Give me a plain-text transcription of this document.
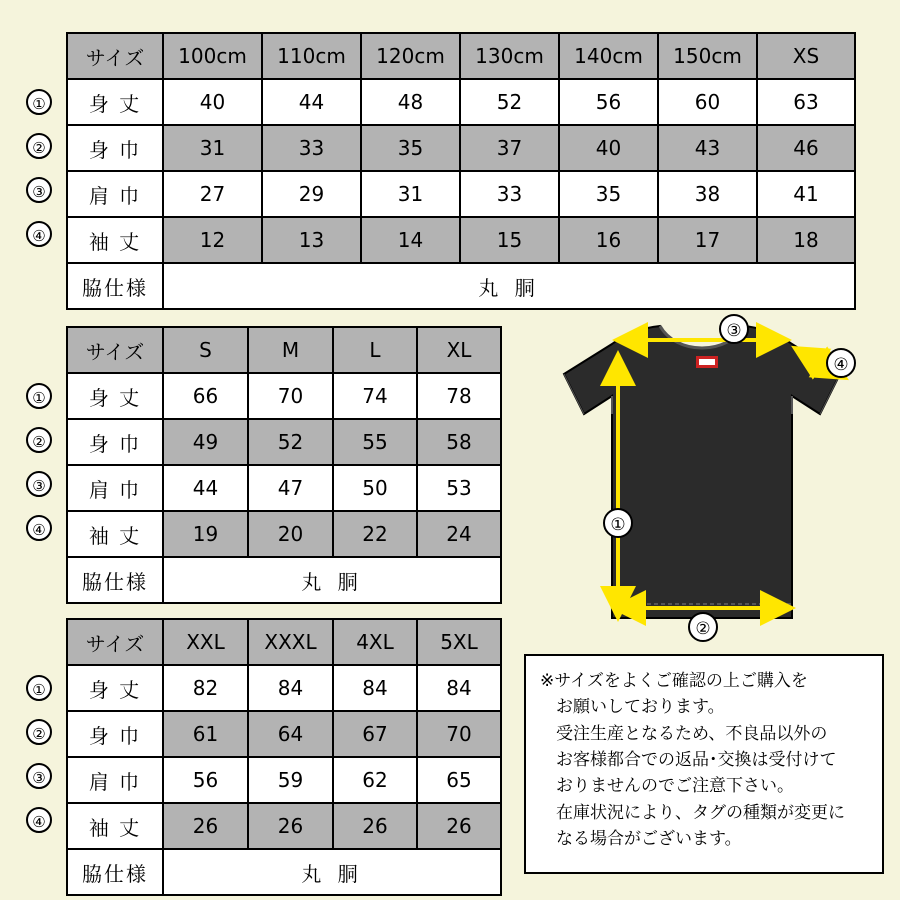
①
②
③
④
サイズ	100cm	110cm	120cm	130cm	140cm	150cm	XS
身 丈	40	44	48	52	56	60	63
身 巾	31	33	35	37	40	43	46
肩 巾	27	29	31	33	35	38	41
袖 丈	12	13	14	15	16	17	18
脇仕様	丸 胴						
①
②
③
④
サイズ	S	M	L	XL
身 丈	66	70	74	78
身 巾	49	52	55	58
肩 巾	44	47	50	53
袖 丈	19	20	22	24
脇仕様	丸 胴			
①
②
③
④
サイズ	XXL	XXXL	4XL	5XL
身 丈	82	84	84	84
身 巾	61	64	67	70
肩 巾	56	59	62	65
袖 丈	26	26	26	26
脇仕様	丸 胴			
③
④
①
②

※サイズをよくご確認の上ご購入を

お願いしております。

受注生産となるため、不良品以外の

お客様都合での返品･交換は受付けて

おりませんのでご注意下さい。

在庫状況により、タグの種類が変更に

なる場合がございます。
